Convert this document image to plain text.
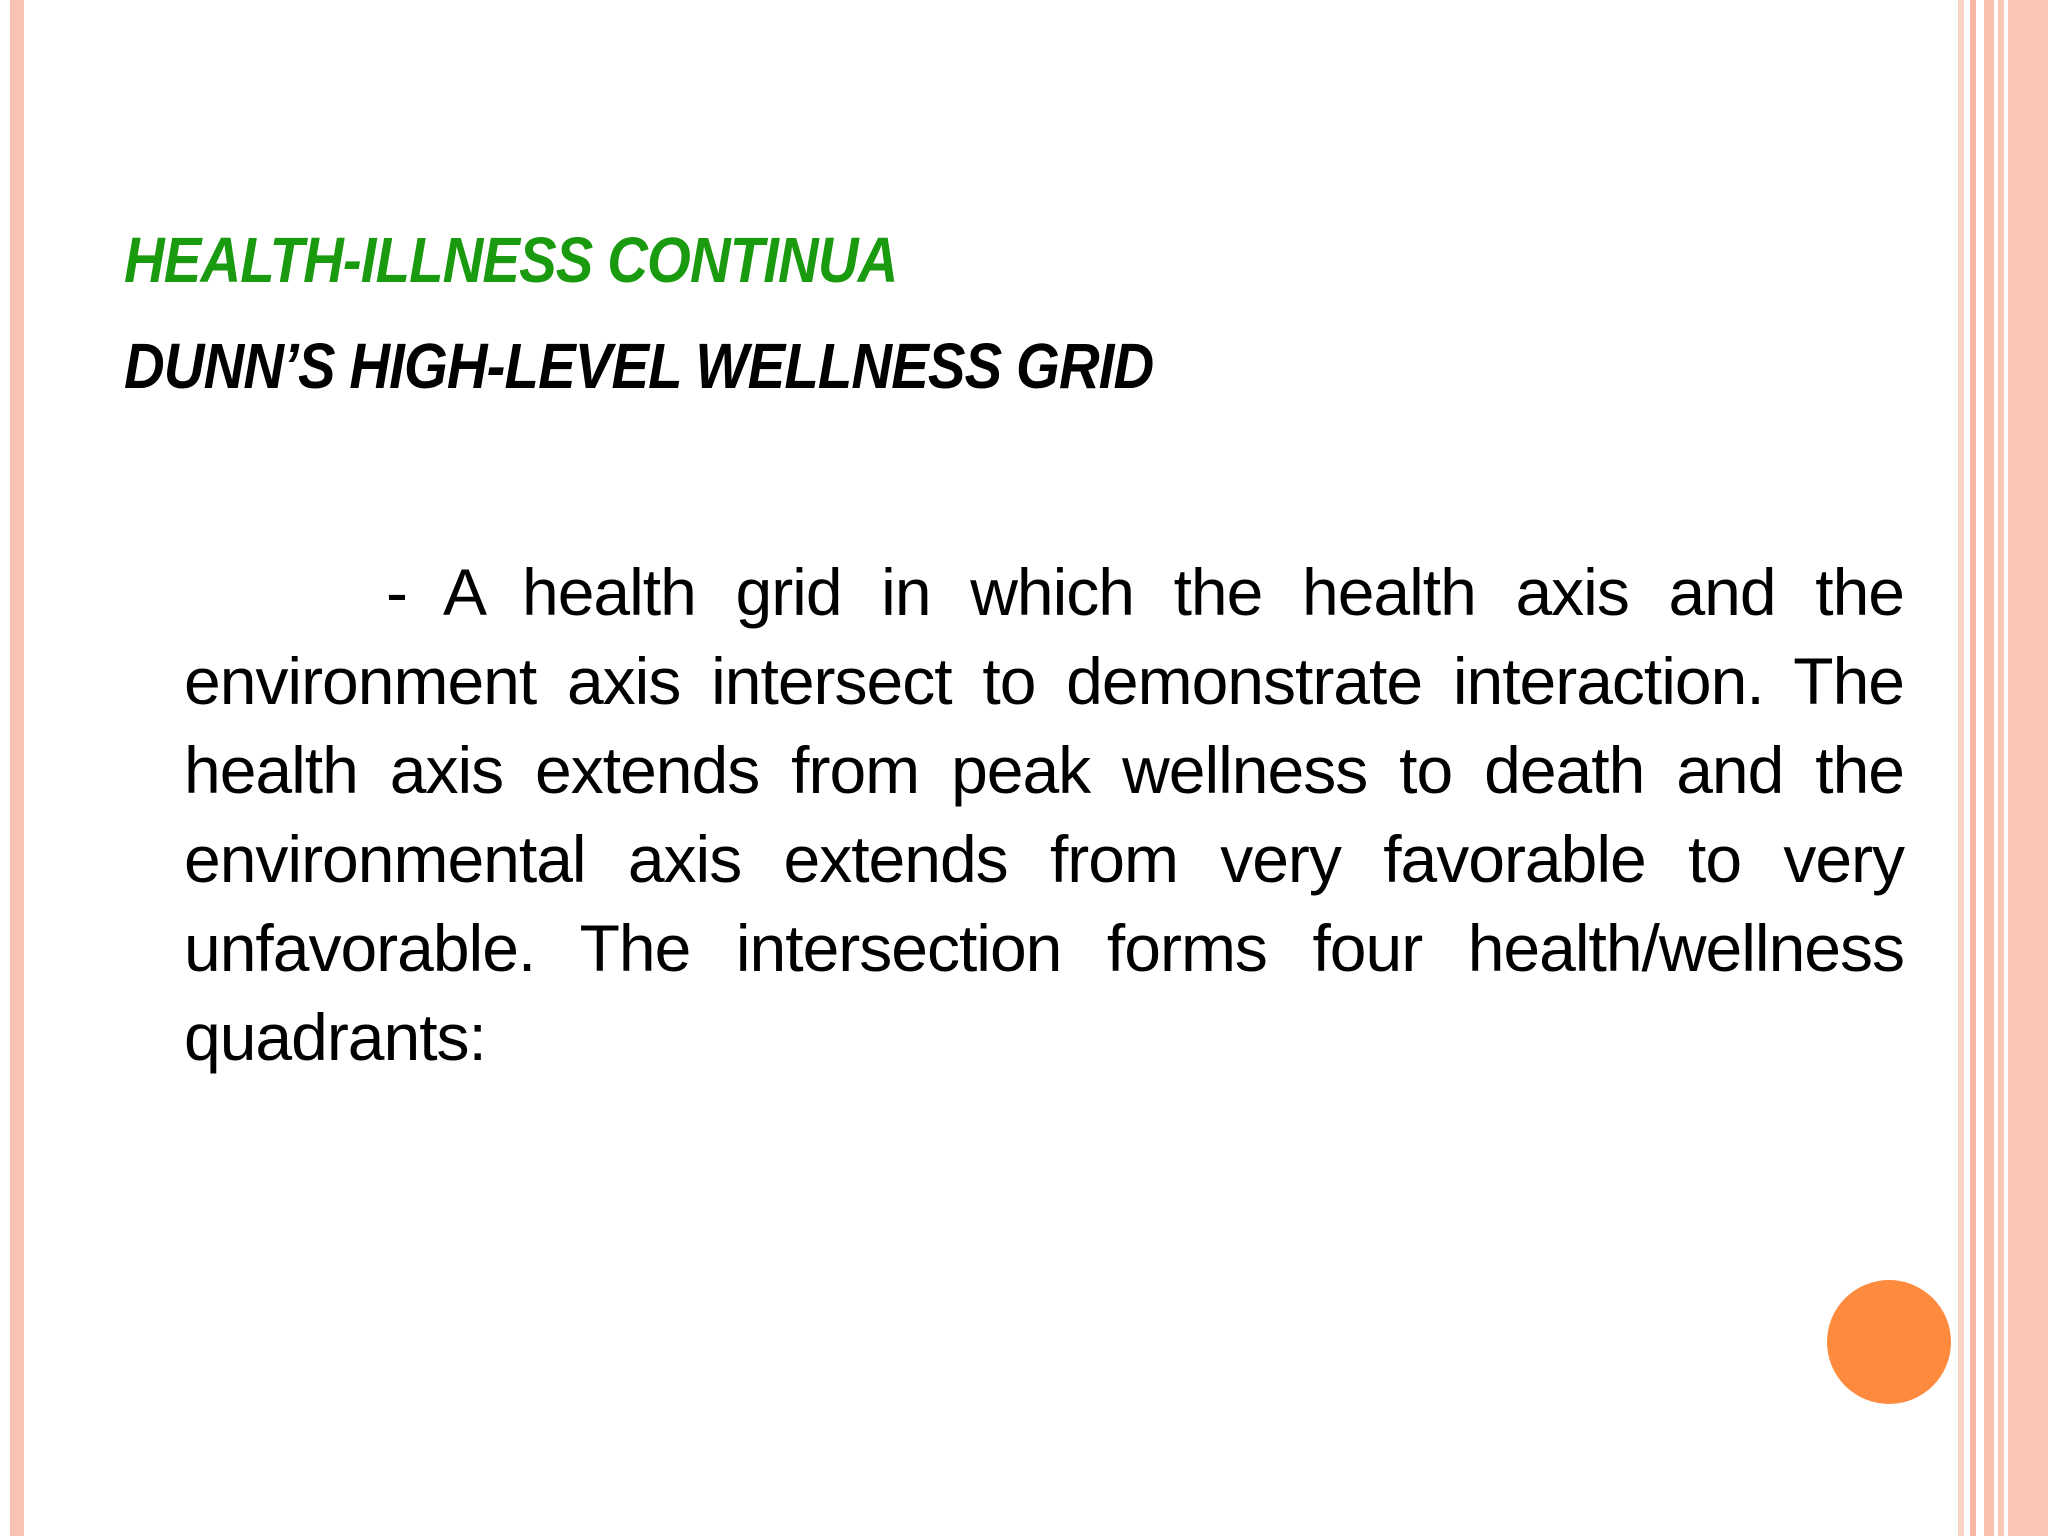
HEALTH-ILLNESS CONTINUA
DUNN’S HIGH-LEVEL WELLNESS GRID
- A health grid in which the health axis and the environment axis intersect to demonstrate interaction. The health axis extends from peak wellness to death and the environmental axis extends from very favorable to very unfavorable. The intersection forms four health/wellness quadrants:
